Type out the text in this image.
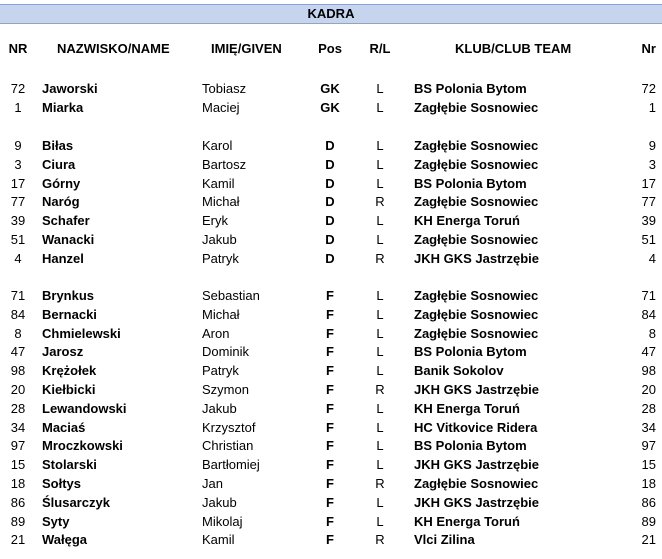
KADRA
NR NAZWISKO/NAME	IMIĘ/GIVEN	Pos	R/L	KLUB/CLUB TEAM	Nr
72	Jaworski	Tobiasz	GK	L	BS Polonia Bytom	72
1	Miarka	Maciej	GK	L	Zagłębie Sosnowiec	1
9	Biłas	Karol	D	L	Zagłębie Sosnowiec	9
3	Ciura	Bartosz	D	L	Zagłębie Sosnowiec	3
17	Górny	Kamil	D	L	BS Polonia Bytom	17
77	Naróg	Michał	D	R	Zagłębie Sosnowiec	77
39	Schafer	Eryk	D	L	KH Energa Toruń	39
51	Wanacki	Jakub	D	L	Zagłębie Sosnowiec	51
4	Hanzel	Patryk	D	R	JKH GKS Jastrzębie	4
71	Brynkus	Sebastian	F	L	Zagłębie Sosnowiec	71
84	Bernacki	Michał	F	L	Zagłębie Sosnowiec	84
8	Chmielewski	Aron	F	L	Zagłębie Sosnowiec	8
47	Jarosz	Dominik	F	L	BS Polonia Bytom	47
98	Krężołek	Patryk	F	L	Banik Sokolov	98
20	Kiełbicki	Szymon	F	R	JKH GKS Jastrzębie	20
28	Lewandowski	Jakub	F	L	KH Energa Toruń	28
34	Maciaś	Krzysztof	F	L	HC Vitkovice Ridera	34
97	Mroczkowski	Christian	F	L	BS Polonia Bytom	97
15	Stolarski	Bartłomiej	F	L	JKH GKS Jastrzębie	15
18	Sołtys	Jan	F	R	Zagłębie Sosnowiec	18
86	Ślusarczyk	Jakub	F	L	JKH GKS Jastrzębie	86
89	Syty	Mikolaj	F	L	KH Energa Toruń	89
21	Wałęga	Kamil	F	R	Vlci Zilina	21
